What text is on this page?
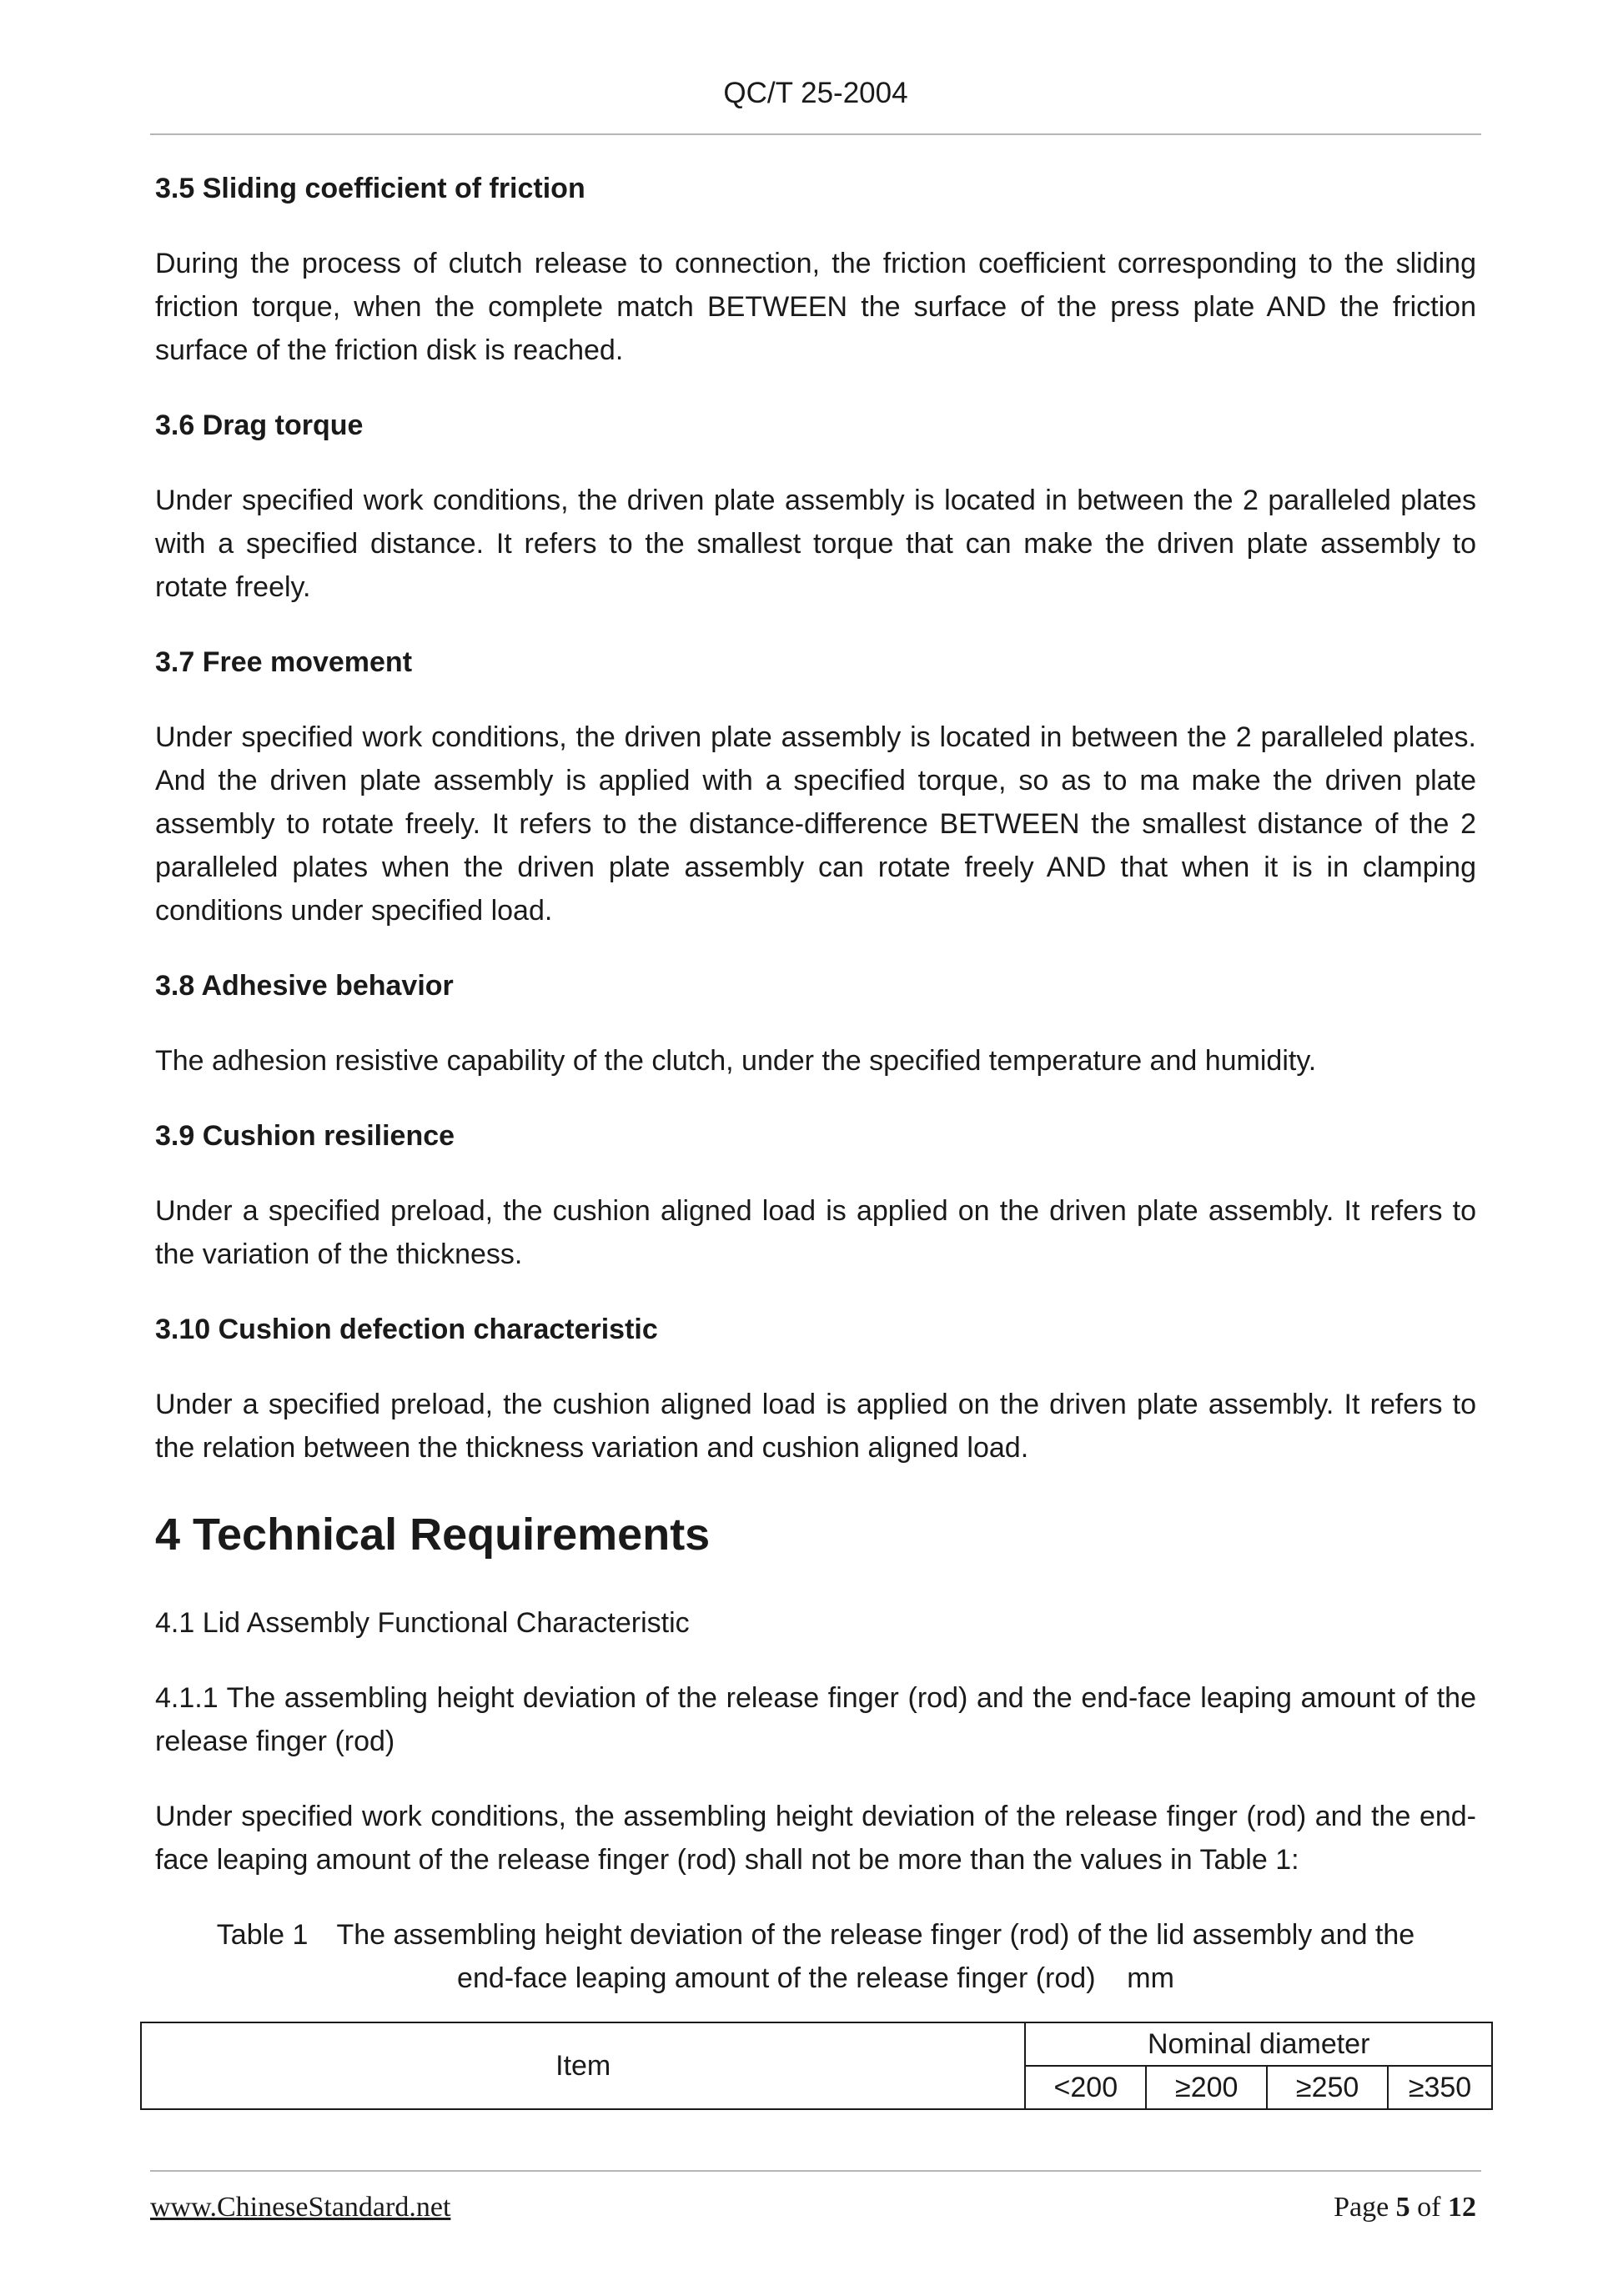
QC/T 25-2004
3.5 Sliding coefficient of friction
During the process of clutch release to connection, the friction coefficient corresponding to the sliding friction torque, when the complete match BETWEEN the surface of the press plate AND the friction surface of the friction disk is reached.
3.6 Drag torque
Under specified work conditions, the driven plate assembly is located in between the 2 paralleled plates with a specified distance. It refers to the smallest torque that can make the driven plate assembly to rotate freely.
3.7 Free movement
Under specified work conditions, the driven plate assembly is located in between the 2 paralleled plates. And the driven plate assembly is applied with a specified torque, so as to ma make the driven plate assembly to rotate freely. It refers to the distance-difference BETWEEN the smallest distance of the 2 paralleled plates when the driven plate assembly can rotate freely AND that when it is in clamping conditions under specified load.
3.8 Adhesive behavior
The adhesion resistive capability of the clutch, under the specified temperature and humidity.
3.9 Cushion resilience
Under a specified preload, the cushion aligned load is applied on the driven plate assembly. It refers to the variation of the thickness.
3.10 Cushion defection characteristic
Under a specified preload, the cushion aligned load is applied on the driven plate assembly. It refers to the relation between the thickness variation and cushion aligned load.
4 Technical Requirements
4.1 Lid Assembly Functional Characteristic
4.1.1 The assembling height deviation of the release finger (rod) and the end-face leaping amount of the release finger (rod)
Under specified work conditions, the assembling height deviation of the release finger (rod) and the end-face leaping amount of the release finger (rod) shall not be more than the values in Table 1:
Table 1 The assembling height deviation of the release finger (rod) of the lid assembly and the
end-face leaping amount of the release finger (rod)    mm
Item	Nominal diameter			
	<200	≥200	≥250	≥350
www.ChineseStandard.net	Page 5 of 12
